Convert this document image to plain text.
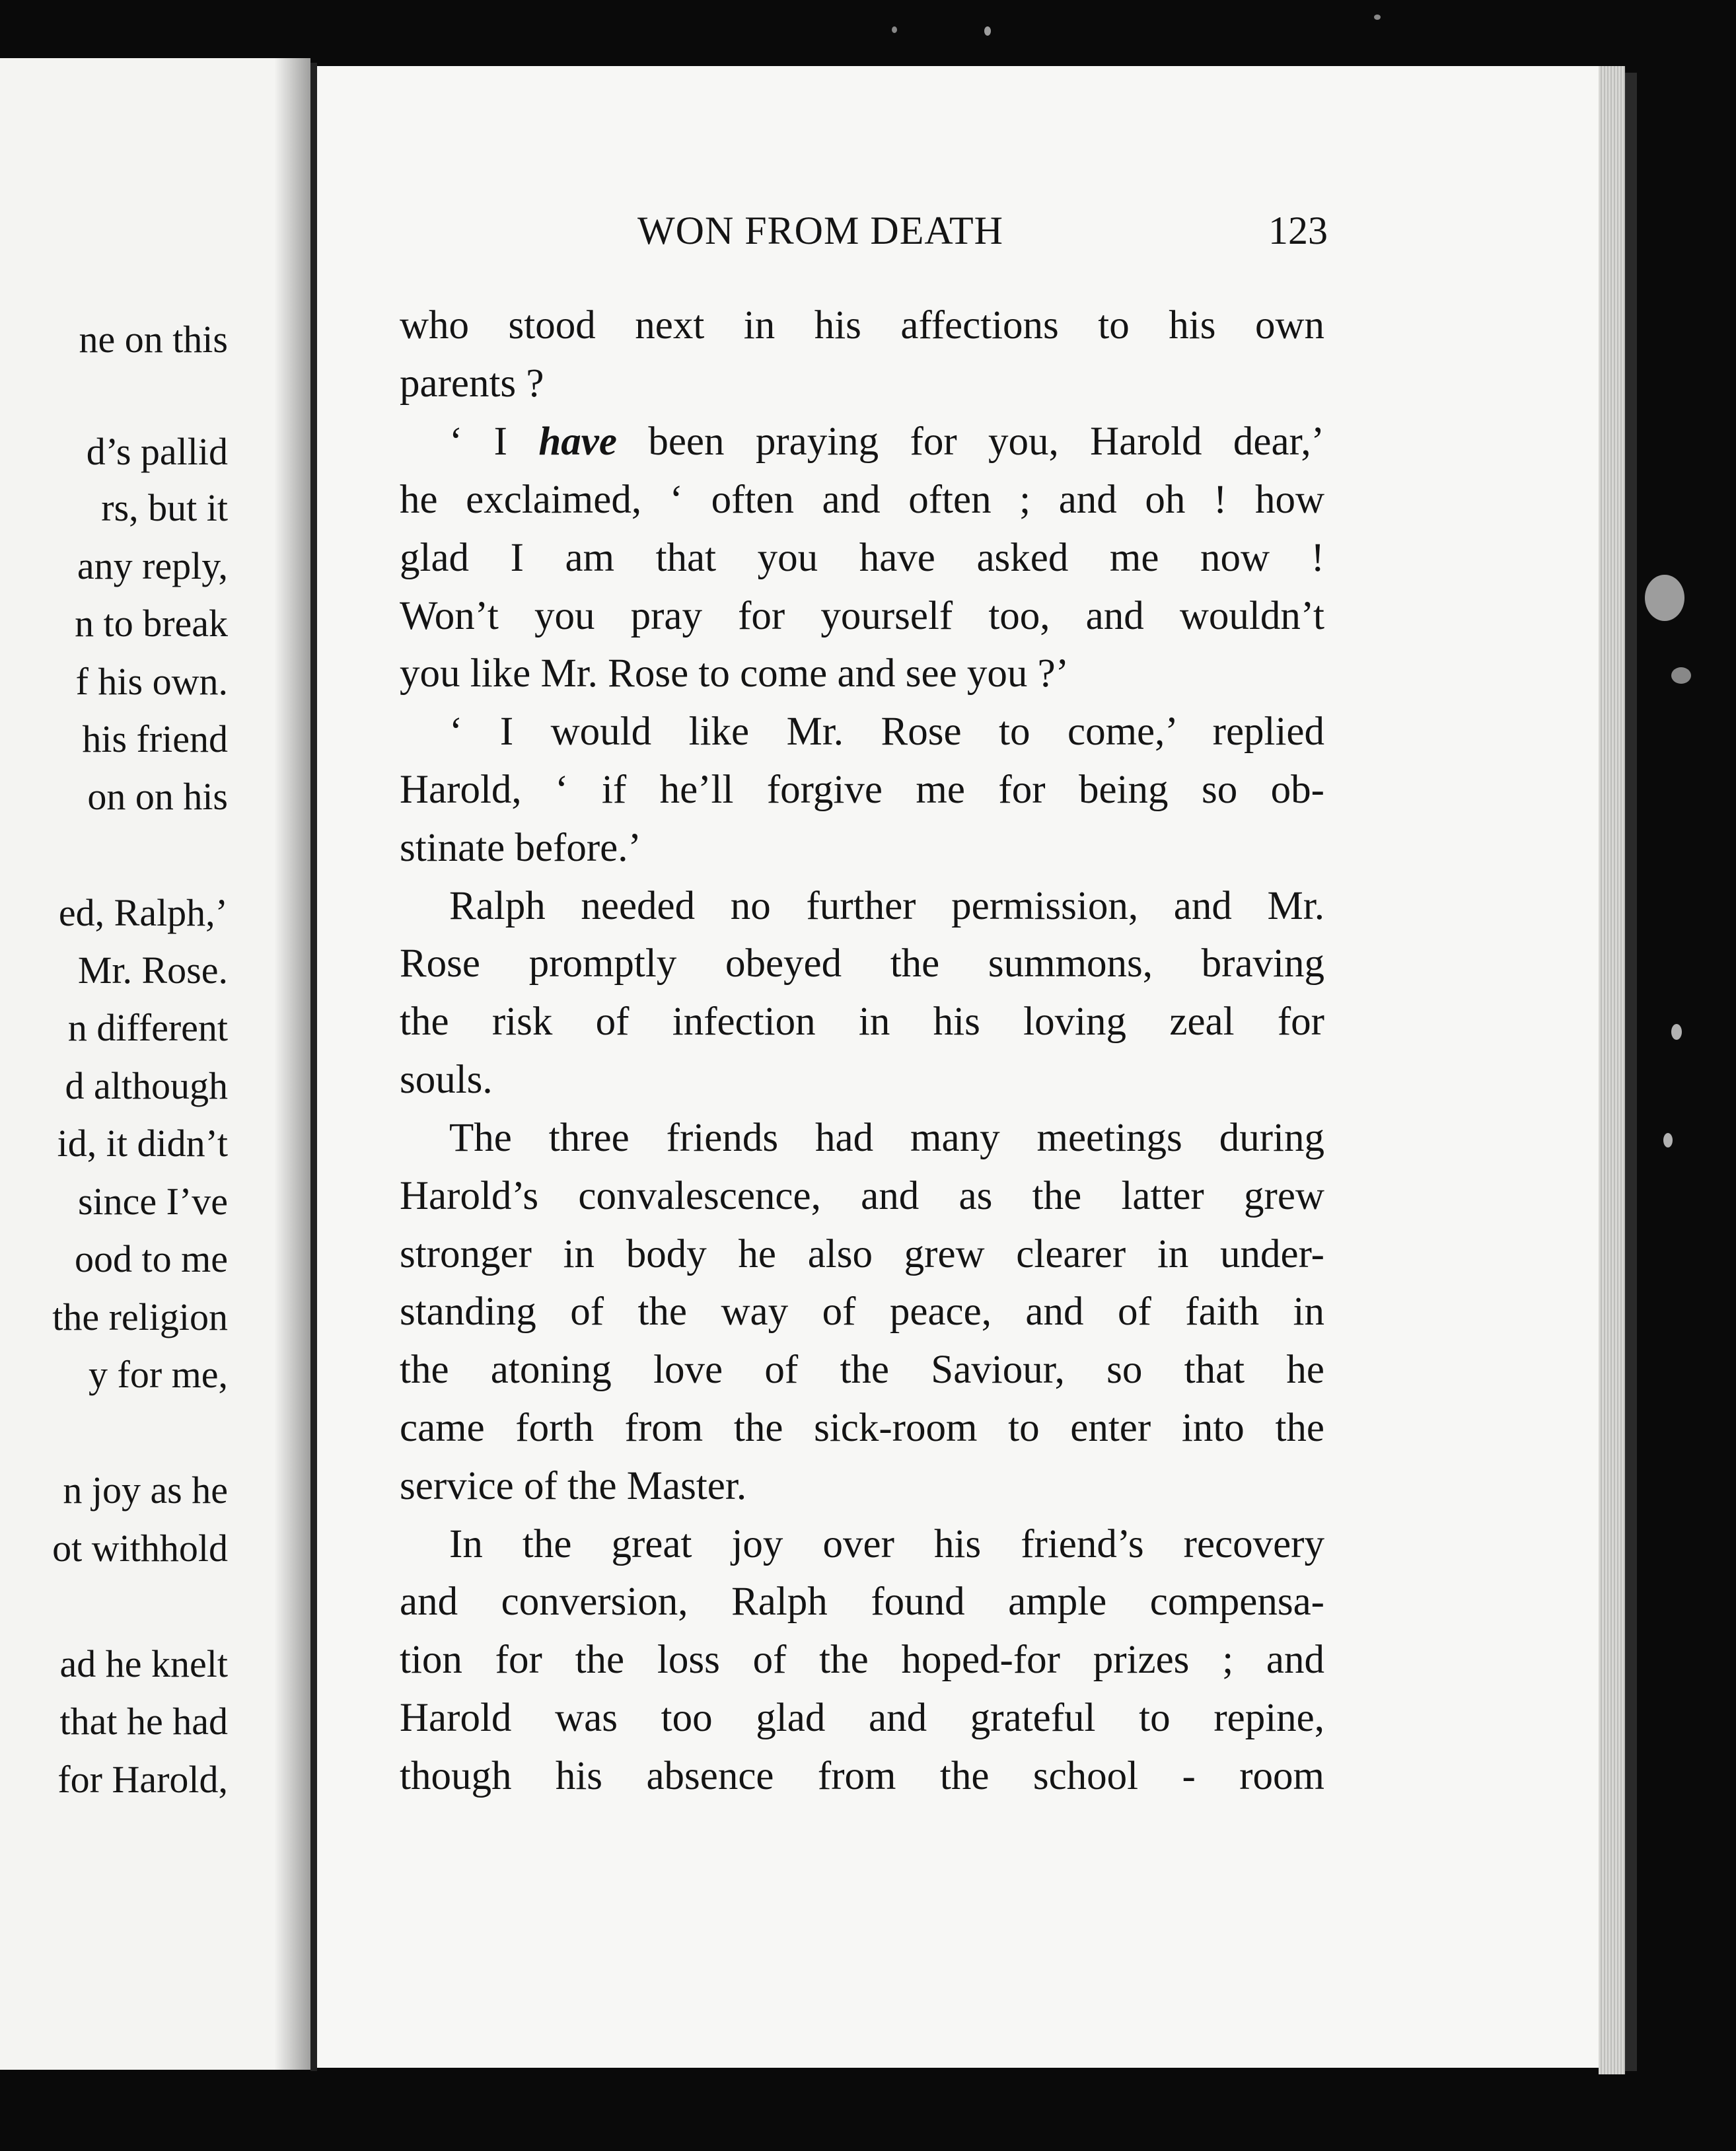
ne on this
d’s pallid
rs, but it
any reply,
n to break
f his own.
his friend
on on his
ed, Ralph,’
Mr. Rose.
n different
d although
id, it didn’t
since I’ve
ood to me
the religion
y for me,
n joy as he
ot withhold
ad he knelt
that he had
for Harold,
WON FROM DEATH	123
who stood next in his affections to his own
parents ?
‘ I have been praying for you, Harold dear,’
he exclaimed, ‘ often and often ; and oh ! how
glad I am that you have asked me now !
Won’t you pray for yourself too, and wouldn’t
you like Mr. Rose to come and see you ?’
‘ I would like Mr. Rose to come,’ replied
Harold, ‘ if he’ll forgive me for being so ob-
stinate before.’
Ralph needed no further permission, and Mr.
Rose promptly obeyed the summons, braving
the risk of infection in his loving zeal for
souls.
The three friends had many meetings during
Harold’s convalescence, and as the latter grew
stronger in body he also grew clearer in under-
standing of the way of peace, and of faith in
the atoning love of the Saviour, so that he
came forth from the sick-room to enter into the
service of the Master.
In the great joy over his friend’s recovery
and conversion, Ralph found ample compensa-
tion for the loss of the hoped-for prizes ; and
Harold was too glad and grateful to repine,
though his absence from the school - room
